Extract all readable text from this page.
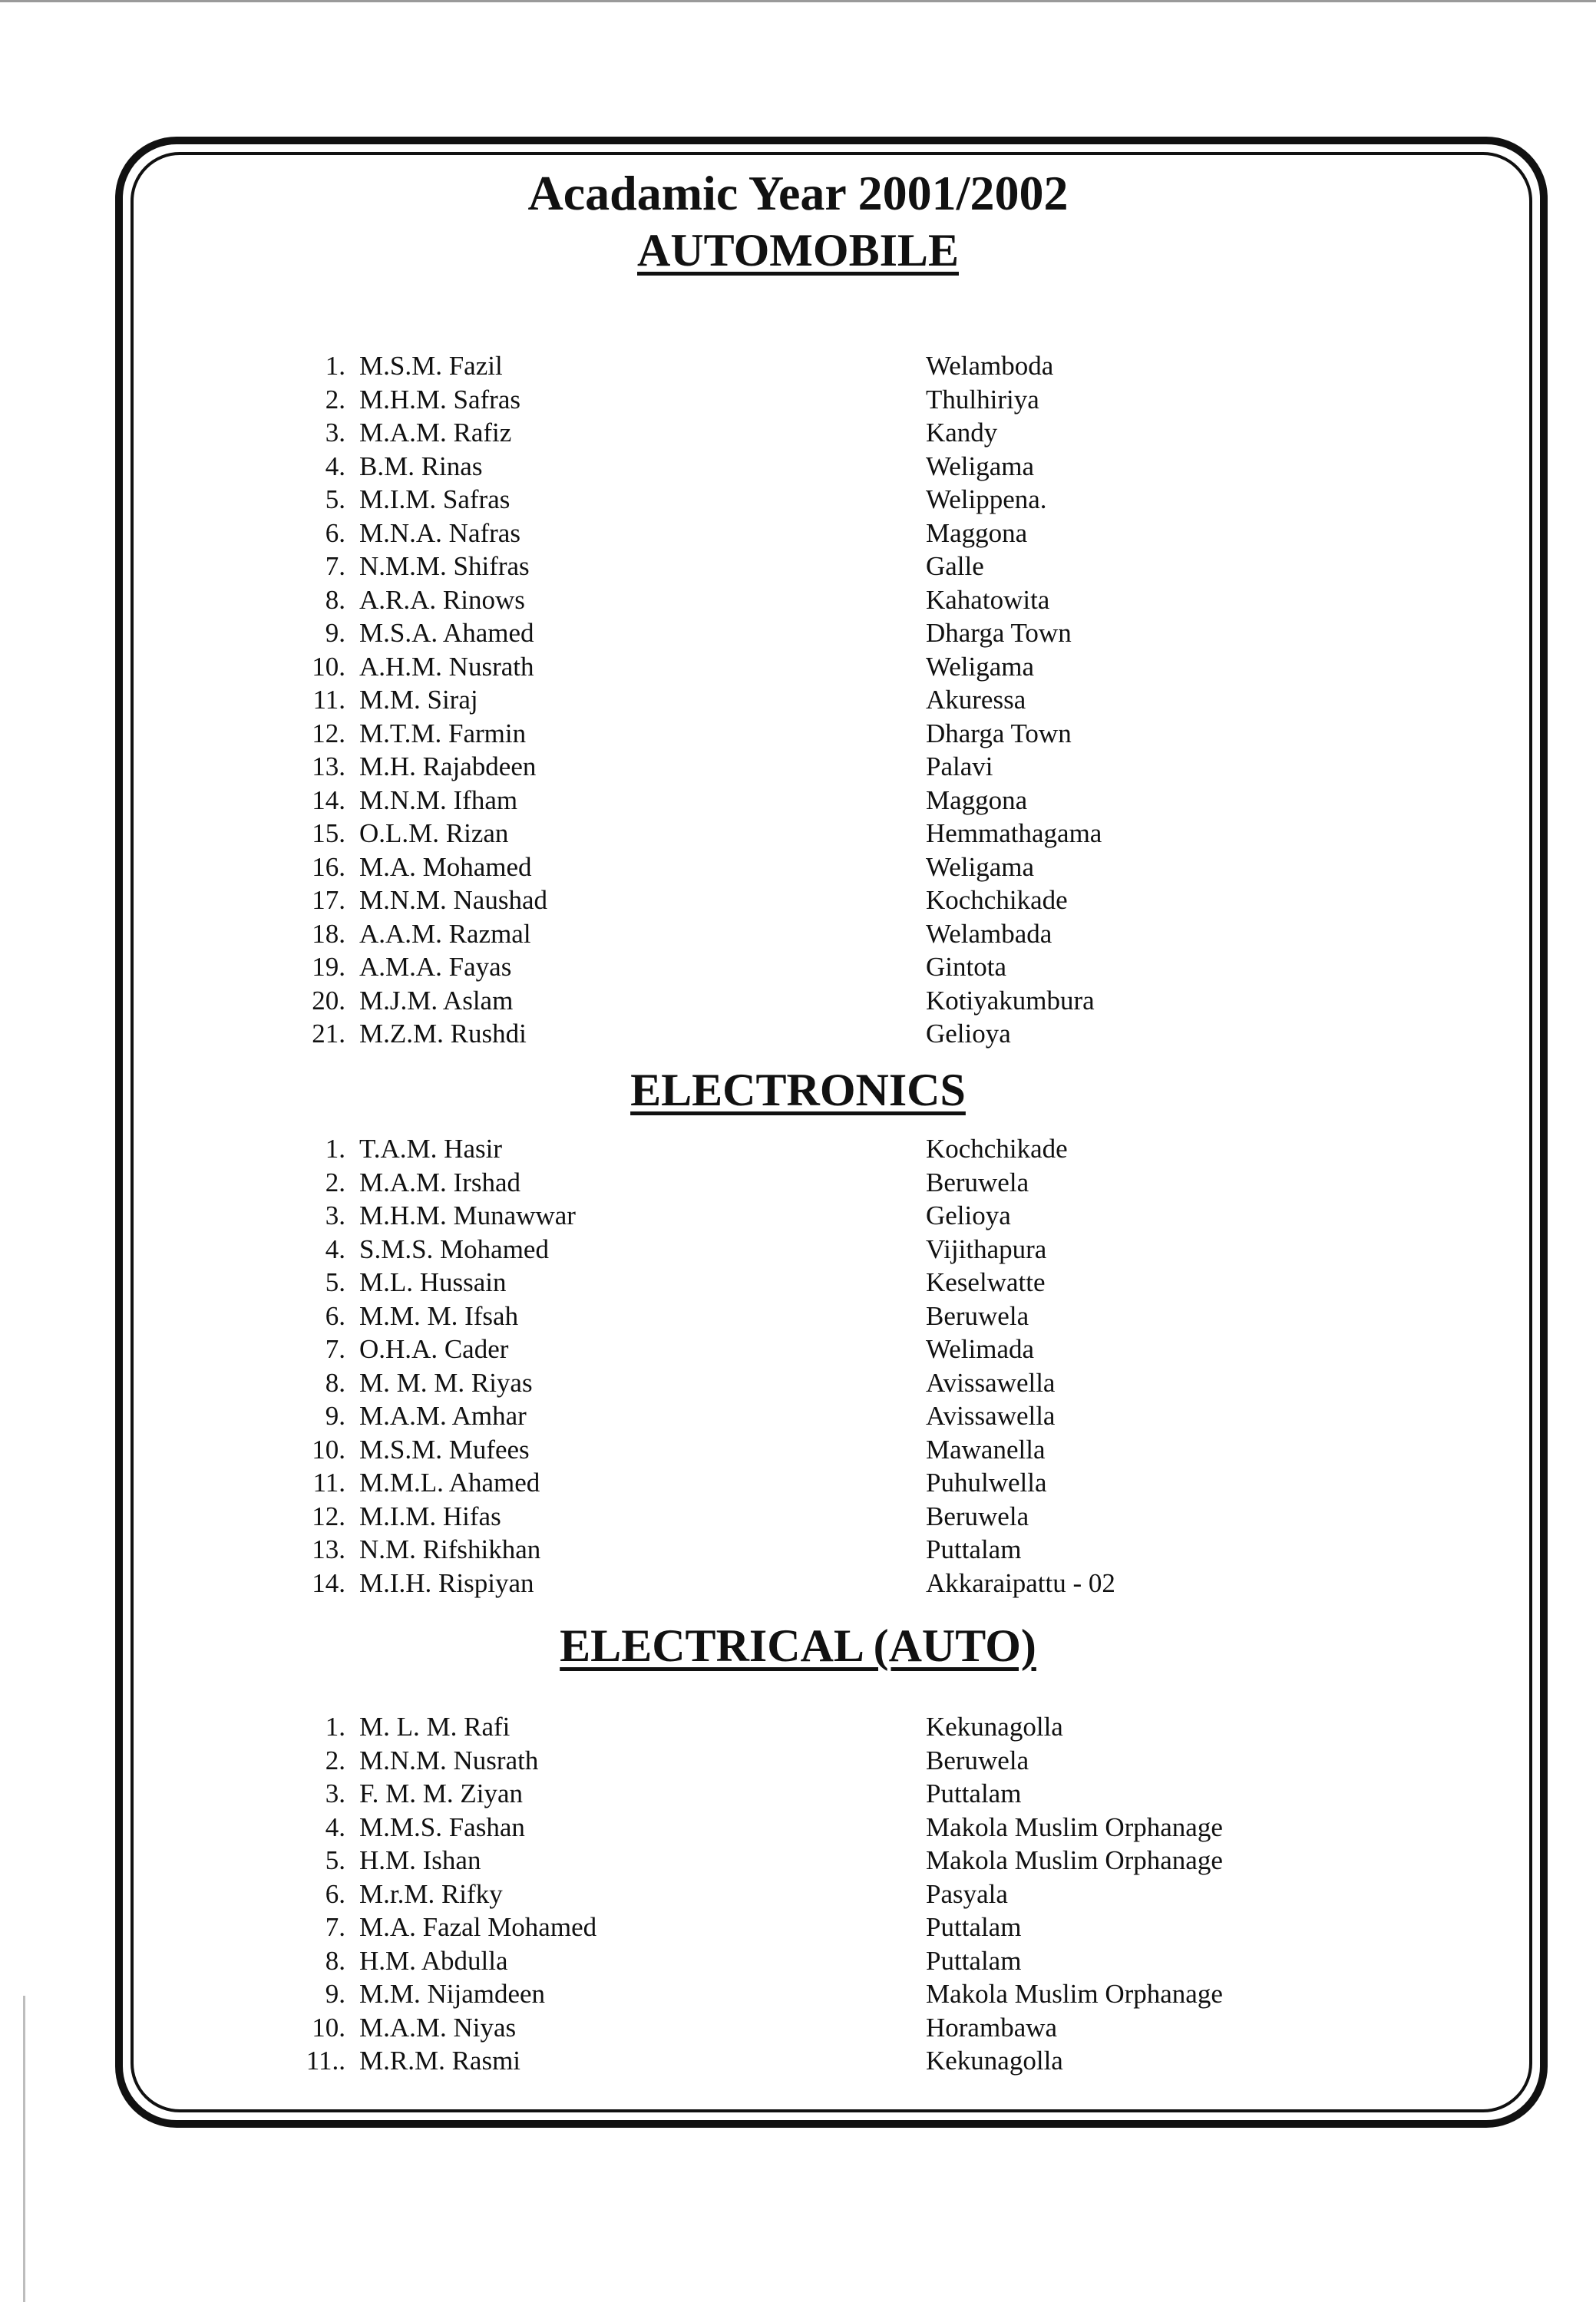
Acadamic Year 2001/2002
AUTOMOBILE
1. M.S.M. Fazil	Welamboda
2. M.H.M. Safras	Thulhiriya
3. M.A.M. Rafiz	Kandy
4. B.M. Rinas	Weligama
5. M.I.M. Safras	Welippena.
6. M.N.A. Nafras	Maggona
7. N.M.M. Shifras	Galle
8. A.R.A. Rinows	Kahatowita
9. M.S.A. Ahamed	Dharga Town
10. A.H.M. Nusrath	Weligama
11. M.M. Siraj	Akuressa
12. M.T.M. Farmin	Dharga Town
13. M.H. Rajabdeen	Palavi
14. M.N.M. Ifham	Maggona
15. O.L.M. Rizan	Hemmathagama
16. M.A. Mohamed	Weligama
17. M.N.M. Naushad	Kochchikade
18. A.A.M. Razmal	Welambada
19. A.M.A. Fayas	Gintota
20. M.J.M. Aslam	Kotiyakumbura
21. M.Z.M. Rushdi	Gelioya
ELECTRONICS
1. T.A.M. Hasir	Kochchikade
2. M.A.M. Irshad	Beruwela
3. M.H.M. Munawwar	Gelioya
4. S.M.S. Mohamed	Vijithapura
5. M.L. Hussain	Keselwatte
6. M.M. M. Ifsah	Beruwela
7. O.H.A. Cader	Welimada
8. M. M. M. Riyas	Avissawella
9. M.A.M. Amhar	Avissawella
10. M.S.M. Mufees	Mawanella
11. M.M.L. Ahamed	Puhulwella
12. M.I.M. Hifas	Beruwela
13. N.M. Rifshikhan	Puttalam
14. M.I.H. Rispiyan	Akkaraipattu - 02
ELECTRICAL (AUTO)
1. M. L. M. Rafi	Kekunagolla
2. M.N.M. Nusrath	Beruwela
3. F. M. M. Ziyan	Puttalam
4. M.M.S. Fashan	Makola Muslim Orphanage
5. H.M. Ishan	Makola Muslim Orphanage
6. M.r.M. Rifky	Pasyala
7. M.A. Fazal Mohamed	Puttalam
8. H.M. Abdulla	Puttalam
9. M.M. Nijamdeen	Makola Muslim Orphanage
10. M.A.M. Niyas	Horambawa
11.. M.R.M. Rasmi	Kekunagolla
